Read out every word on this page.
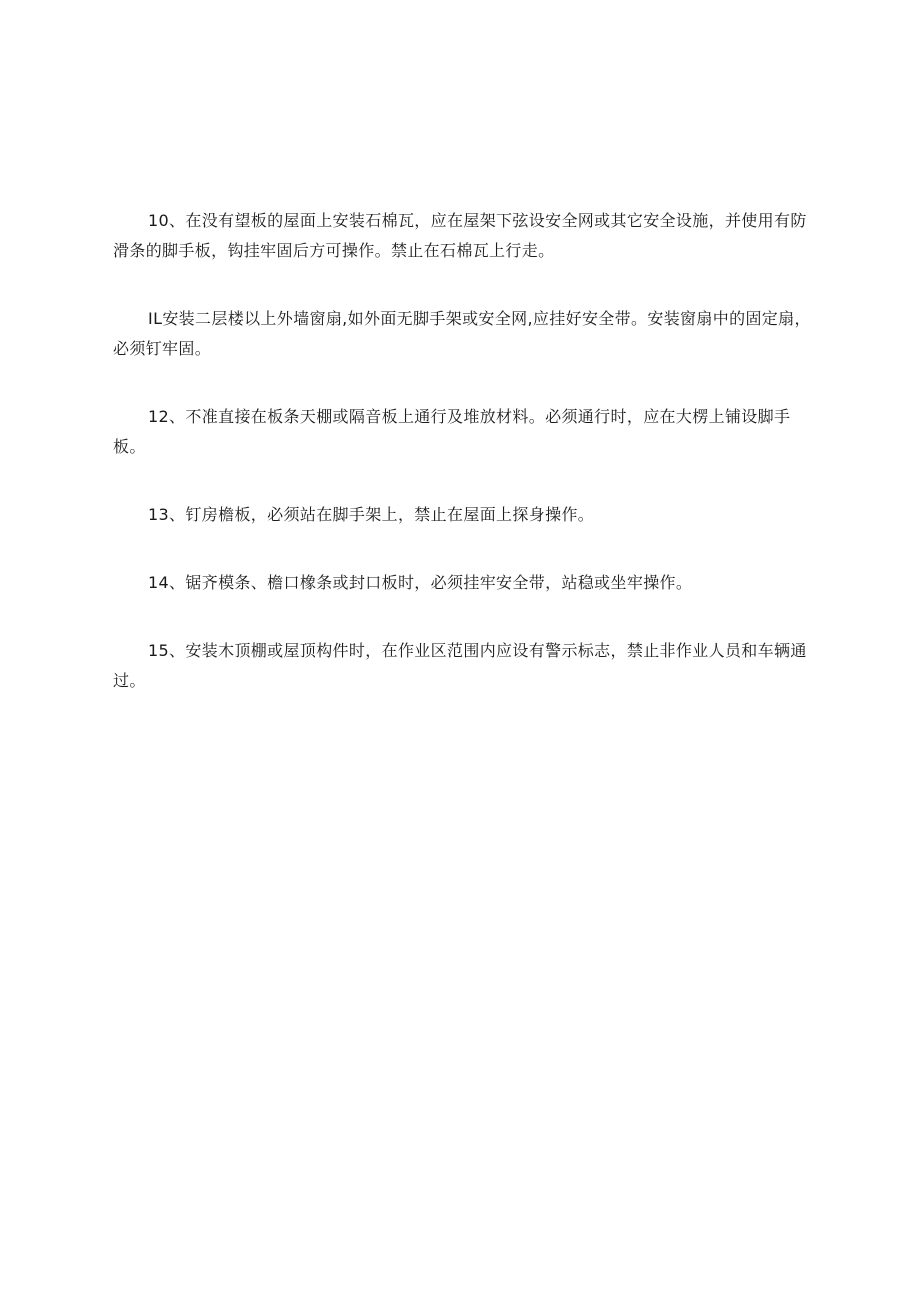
10、在没有望板的屋面上安装石棉瓦，应在屋架下弦设安全网或其它安全设施，并使用有防滑条的脚手板，钩挂牢固后方可操作。禁止在石棉瓦上行走。

IL安装二层楼以上外墙窗扇,如外面无脚手架或安全网,应挂好安全带。安装窗扇中的固定扇，必须钉牢固。

12、不准直接在板条天棚或隔音板上通行及堆放材料。必须通行时，应在大楞上铺设脚手板。

13、钉房檐板，必须站在脚手架上，禁止在屋面上探身操作。

14、锯齐模条、檐口橡条或封口板时，必须挂牢安全带，站稳或坐牢操作。

15、安装木顶棚或屋顶构件时，在作业区范围内应设有警示标志，禁止非作业人员和车辆通过。
